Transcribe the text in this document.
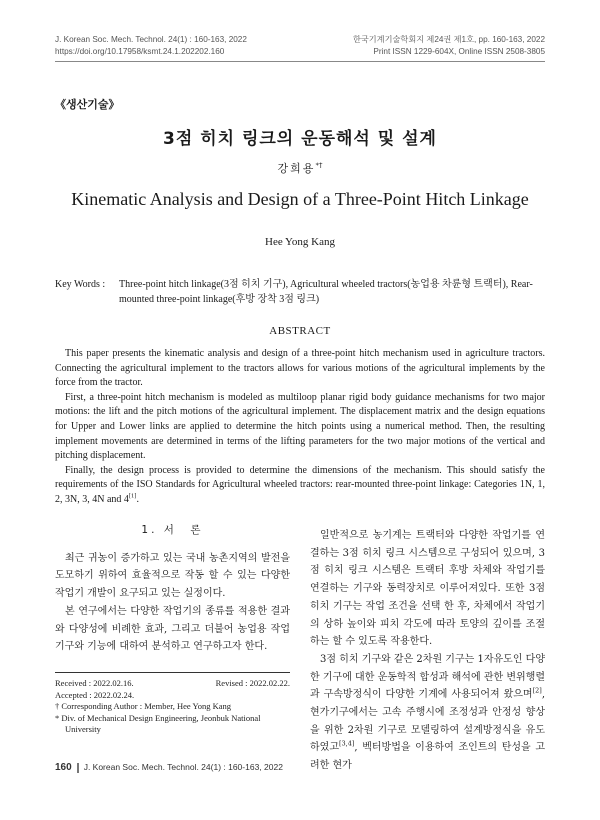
J. Korean Soc. Mech. Technol. 24(1) : 160-163, 2022
https://doi.org/10.17958/ksmt.24.1.202202.160
한국기계기술학회지 제24권 제1호, pp. 160-163, 2022
Print ISSN 1229-604X, Online ISSN 2508-3805
《생산기술》
3점 히치 링크의 운동해석 및 설계
강희용*†
Kinematic Analysis and Design of a Three-Point Hitch Linkage
Hee Yong Kang
Key Words :	Three-point hitch linkage(3점 히치 기구), Agricultural wheeled tractors(농업용 차륜형 트랙터), Rear-mounted three-point linkage(후방 장착 3점 링크)
ABSTRACT

This paper presents the kinematic analysis and design of a three-point hitch mechanism used in agriculture tractors. Connecting the agricultural implement to the tractors allows for various motions of the agricultural implements by the force from the tractor.

First, a three-point hitch mechanism is modeled as multiloop planar rigid body guidance mechanisms for two major motions: the lift and the pitch motions of the agricultural implement. The displacement matrix and the design equations for Upper and Lower links are applied to determine the hitch points using a numerical method. Then, the resulting implement movements are determined in terms of the lifting parameters for the two major motions of the vertical and pitching displacement.

Finally, the design process is provided to determine the dimensions of the mechanism. This should satisfy the requirements of the ISO Standards for Agricultural wheeled tractors: rear-mounted three-point linkage: Categories 1N, 1, 2, 3N, 3, 4N and 4[1].

1. 서　론

최근 귀농이 증가하고 있는 국내 농촌지역의 발전을 도모하기 위하여 효율적으로 작동 할 수 있는 다양한 작업기 개발이 요구되고 있는 실정이다.

본 연구에서는 다양한 작업기의 종류를 적용한 결과와 다양성에 비례한 효과, 그리고 더불어 농업용 작업기구와 기능에 대하여 분석하고 연구하고자 한다.

일반적으로 농기계는 트랙터와 다양한 작업기를 연결하는 3점 히치 링크 시스템으로 구성되어 있으며, 3점 히치 링크 시스템은 트랙터 후방 차체와 작업기를 연결하는 기구와 동력장치로 이루어져있다. 또한 3점 히치 기구는 작업 조건을 선택 한 후, 차체에서 작업기의 상하 높이와 피치 각도에 따라 토양의 깊이를 조절하는 할 수 있도록 작용한다.

3점 히치 기구와 같은 2차원 기구는 1자유도인 다양한 기구에 대한 운동학적 합성과 해석에 관한 변위행렬과 구속방정식이 다양한 기계에 사용되어져 왔으며[2], 현가기구에서는 고속 주행시에 조정성과 안정성 향상을 위한 2차원 기구로 모델링하여 설계방정식을 유도하였고[3,4], 벡터방법을 이용하여 조인트의 탄성을 고려한 현가

Received : 2022.02.16.	Revised : 2022.02.22.
Accepted : 2022.02.24.
† Corresponding Author : Member, Hee Yong Kang
* Div. of Mechanical Design Engineering, Jeonbuk National
University
160 J. Korean Soc. Mech. Technol. 24(1) : 160-163, 2022
